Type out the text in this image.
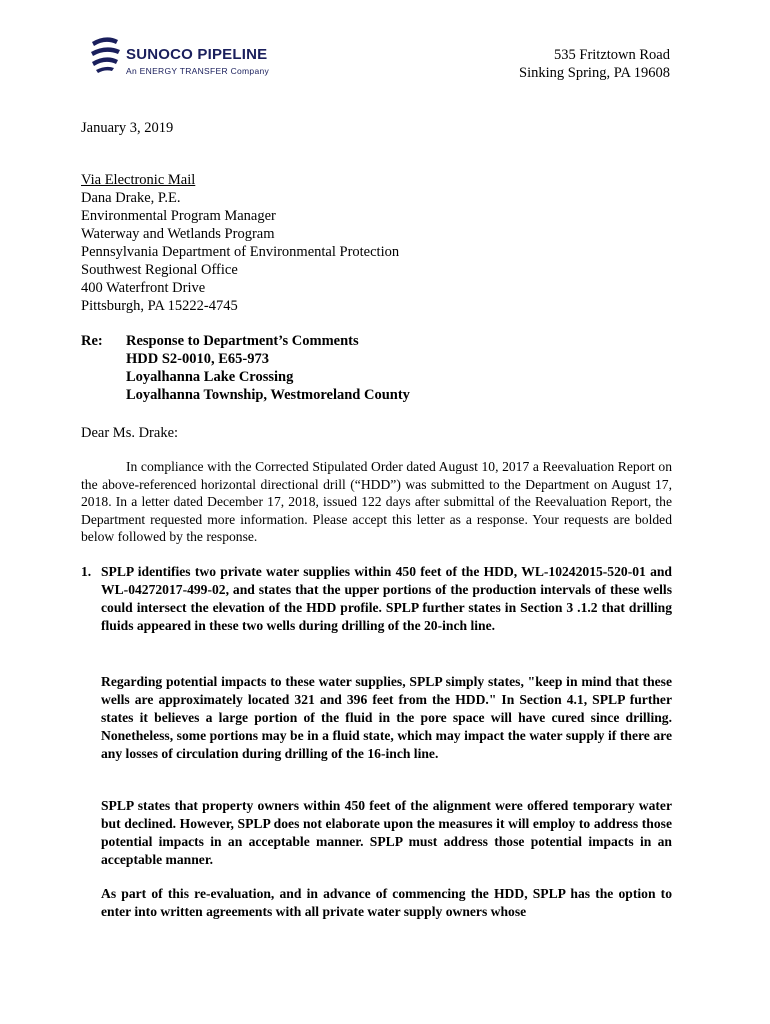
SUNOCO PIPELINE
An ENERGY TRANSFER Company
535 Fritztown Road
Sinking Spring, PA 19608
January 3, 2019
Via Electronic Mail
Dana Drake, P.E.
Environmental Program Manager
Waterway and Wetlands Program
Pennsylvania Department of Environmental Protection
Southwest Regional Office
400 Waterfront Drive
Pittsburgh, PA 15222-4745
Re: Response to Department’s Comments
HDD S2-0010, E65-973
Loyalhanna Lake Crossing
Loyalhanna Township, Westmoreland County
Dear Ms. Drake:
In compliance with the Corrected Stipulated Order dated August 10, 2017 a Reevaluation Report on the above-referenced horizontal directional drill (“HDD”) was submitted to the Department on August 17, 2018. In a letter dated December 17, 2018, issued 122 days after submittal of the Reevaluation Report, the Department requested more information. Please accept this letter as a response. Your requests are bolded below followed by the response.
1. SPLP identifies two private water supplies within 450 feet of the HDD, WL-10242015-520-01 and WL-04272017-499-02, and states that the upper portions of the production intervals of these wells could intersect the elevation of the HDD profile. SPLP further states in Section 3 .1.2 that drilling fluids appeared in these two wells during drilling of the 20-inch line.
Regarding potential impacts to these water supplies, SPLP simply states, "keep in mind that these wells are approximately located 321 and 396 feet from the HDD." In Section 4.1, SPLP further states it believes a large portion of the fluid in the pore space will have cured since drilling. Nonetheless, some portions may be in a fluid state, which may impact the water supply if there are any losses of circulation during drilling of the 16-inch line.
SPLP states that property owners within 450 feet of the alignment were offered temporary water but declined. However, SPLP does not elaborate upon the measures it will employ to address those potential impacts in an acceptable manner. SPLP must address those potential impacts in an acceptable manner.
As part of this re-evaluation, and in advance of commencing the HDD, SPLP has the option to enter into written agreements with all private water supply owners whose
